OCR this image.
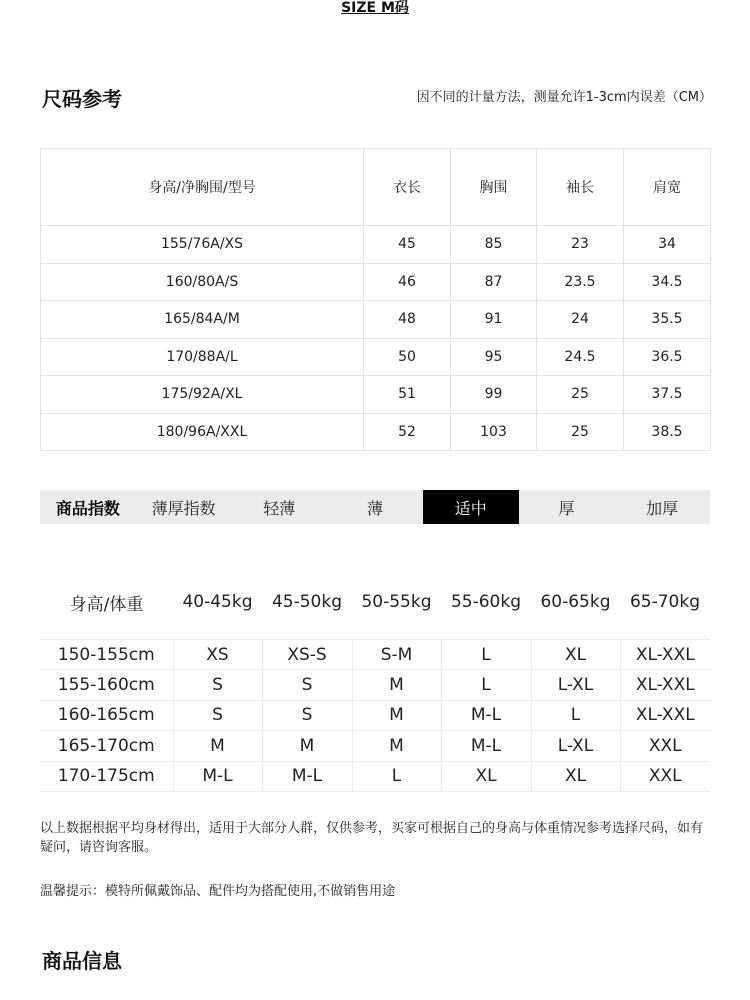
SIZE M码
尺码参考	因不同的计量方法，测量允许1-3cm内误差（CM）
身高/净胸围/型号	衣长	胸围	袖长	肩宽
155/76A/XS	45	85	23	34
160/80A/S	46	87	23.5	34.5
165/84A/M	48	91	24	35.5
170/88A/L	50	95	24.5	36.5
175/92A/XL	51	99	25	37.5
180/96A/XXL	52	103	25	38.5
商品指数	薄厚指数	轻薄	薄	适中	厚	加厚
身高/体重	40-45kg	45-50kg	50-55kg	55-60kg	60-65kg	65-70kg
150-155cm	XS	XS-S	S-M	L	XL	XL-XXL
155-160cm	S	S	M	L	L-XL	XL-XXL
160-165cm	S	S	M	M-L	L	XL-XXL
165-170cm	M	M	M	M-L	L-XL	XXL
170-175cm	M-L	M-L	L	XL	XL	XXL
以上数据根据平均身材得出，适用于大部分人群，仅供参考，买家可根据自己的身高与体重情况参考选择尺码，如有疑问，请咨询客服。
温馨提示：模特所佩戴饰品、配件均为搭配使用,不做销售用途
商品信息
